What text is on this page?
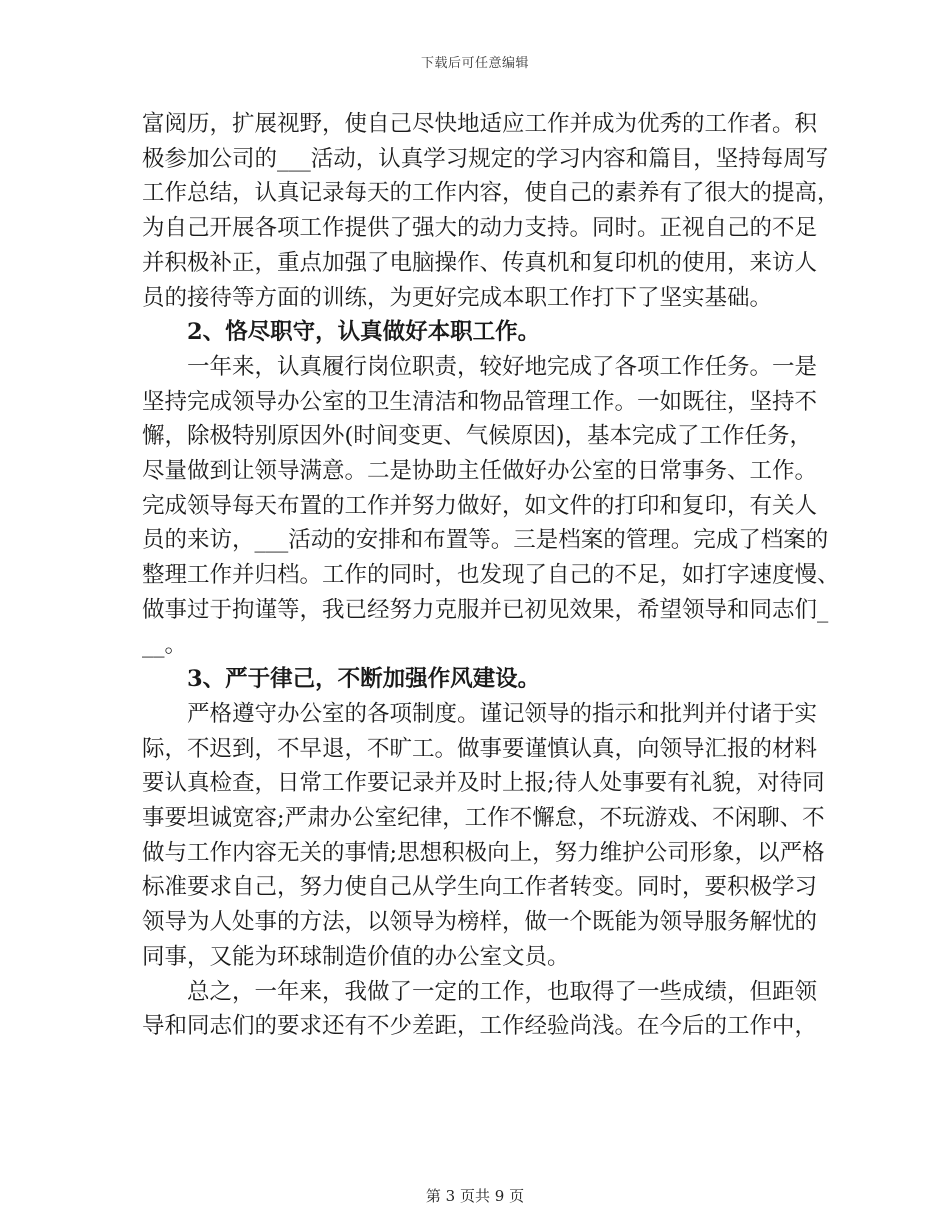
下载后可任意编辑
富阅历，扩展视野，使自己尽快地适应工作并成为优秀的工作者。积
极参加公司的___活动，认真学习规定的学习内容和篇目，坚持每周写
工作总结，认真记录每天的工作内容，使自己的素养有了很大的提高，
为自己开展各项工作提供了强大的动力支持。同时。正视自己的不足
并积极补正，重点加强了电脑操作、传真机和复印机的使用，来访人
员的接待等方面的训练，为更好完成本职工作打下了坚实基础。
2、恪尽职守，认真做好本职工作。
一年来，认真履行岗位职责，较好地完成了各项工作任务。一是
坚持完成领导办公室的卫生清洁和物品管理工作。一如既往，坚持不
懈，除极特别原因外(时间变更、气候原因)，基本完成了工作任务，
尽量做到让领导满意。二是协助主任做好办公室的日常事务、工作。
完成领导每天布置的工作并努力做好，如文件的打印和复印，有关人
员的来访，___活动的安排和布置等。三是档案的管理。完成了档案的
整理工作并归档。工作的同时，也发现了自己的不足，如打字速度慢、
做事过于拘谨等，我已经努力克服并已初见效果，希望领导和同志们_
__。
3、严于律己，不断加强作风建设。
严格遵守办公室的各项制度。谨记领导的指示和批判并付诸于实
际，不迟到，不早退，不旷工。做事要谨慎认真，向领导汇报的材料
要认真检查，日常工作要记录并及时上报;待人处事要有礼貌，对待同
事要坦诚宽容;严肃办公室纪律，工作不懈怠，不玩游戏、不闲聊、不
做与工作内容无关的事情;思想积极向上，努力维护公司形象，以严格
标准要求自己，努力使自己从学生向工作者转变。同时，要积极学习
领导为人处事的方法，以领导为榜样，做一个既能为领导服务解忧的
同事，又能为环球制造价值的办公室文员。
总之，一年来，我做了一定的工作，也取得了一些成绩，但距领
导和同志们的要求还有不少差距，工作经验尚浅。在今后的工作中，
第 3 页共 9 页
